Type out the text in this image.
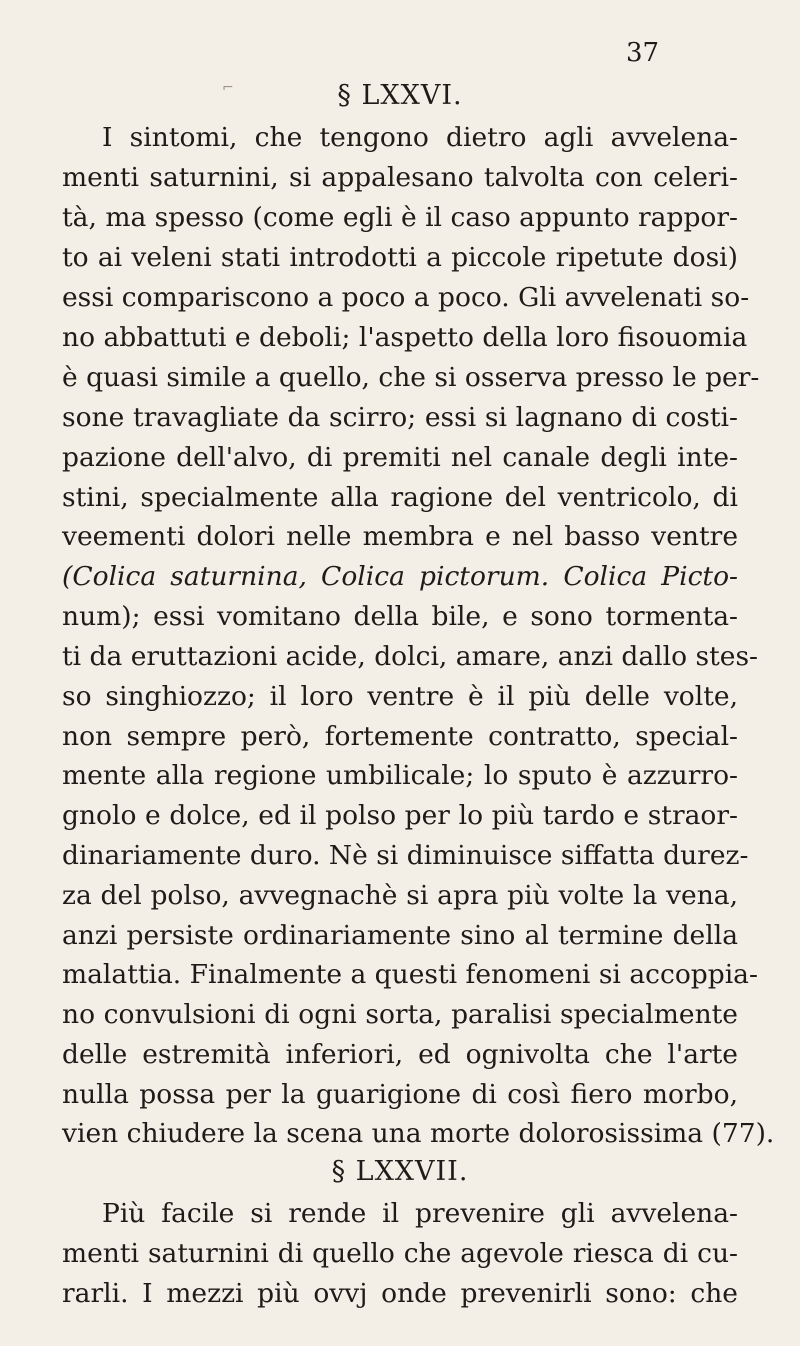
37
⌐	§ LXXVI.
I sintomi, che tengono dietro agli avvelena-
menti saturnini, si appalesano talvolta con celeri-
tà, ma spesso (come egli è il caso appunto rappor-
to ai veleni stati introdotti a piccole ripetute dosi)
essi compariscono a poco a poco. Gli avvelenati so-
no abbattuti e deboli; l'aspetto della loro fisouomia
è quasi simile a quello, che si osserva presso le per-
sone travagliate da scirro; essi si lagnano di costi-
pazione dell'alvo, di premiti nel canale degli inte-
stini, specialmente alla ragione del ventricolo, di
veementi dolori nelle membra e nel basso ventre
(Colica saturnina, Colica pictorum. Colica Picto-
num); essi vomitano della bile, e sono tormenta-
ti da eruttazioni acide, dolci, amare, anzi dallo stes-
so singhiozzo; il loro ventre è il più delle volte,
non sempre però, fortemente contratto, special-
mente alla regione umbilicale; lo sputo è azzurro-
gnolo e dolce, ed il polso per lo più tardo e straor-
dinariamente duro. Nè si diminuisce siffatta durez-
za del polso, avvegnachè si apra più volte la vena,
anzi persiste ordinariamente sino al termine della
malattia. Finalmente a questi fenomeni si accoppia-
no convulsioni di ogni sorta, paralisi specialmente
delle estremità inferiori, ed ognivolta che l'arte
nulla possa per la guarigione di così fiero morbo,
vien chiudere la scena una morte dolorosissima (77).
§ LXXVII.
Più facile si rende il prevenire gli avvelena-
menti saturnini di quello che agevole riesca di cu-
rarli. I mezzi più ovvj onde prevenirli sono: che
